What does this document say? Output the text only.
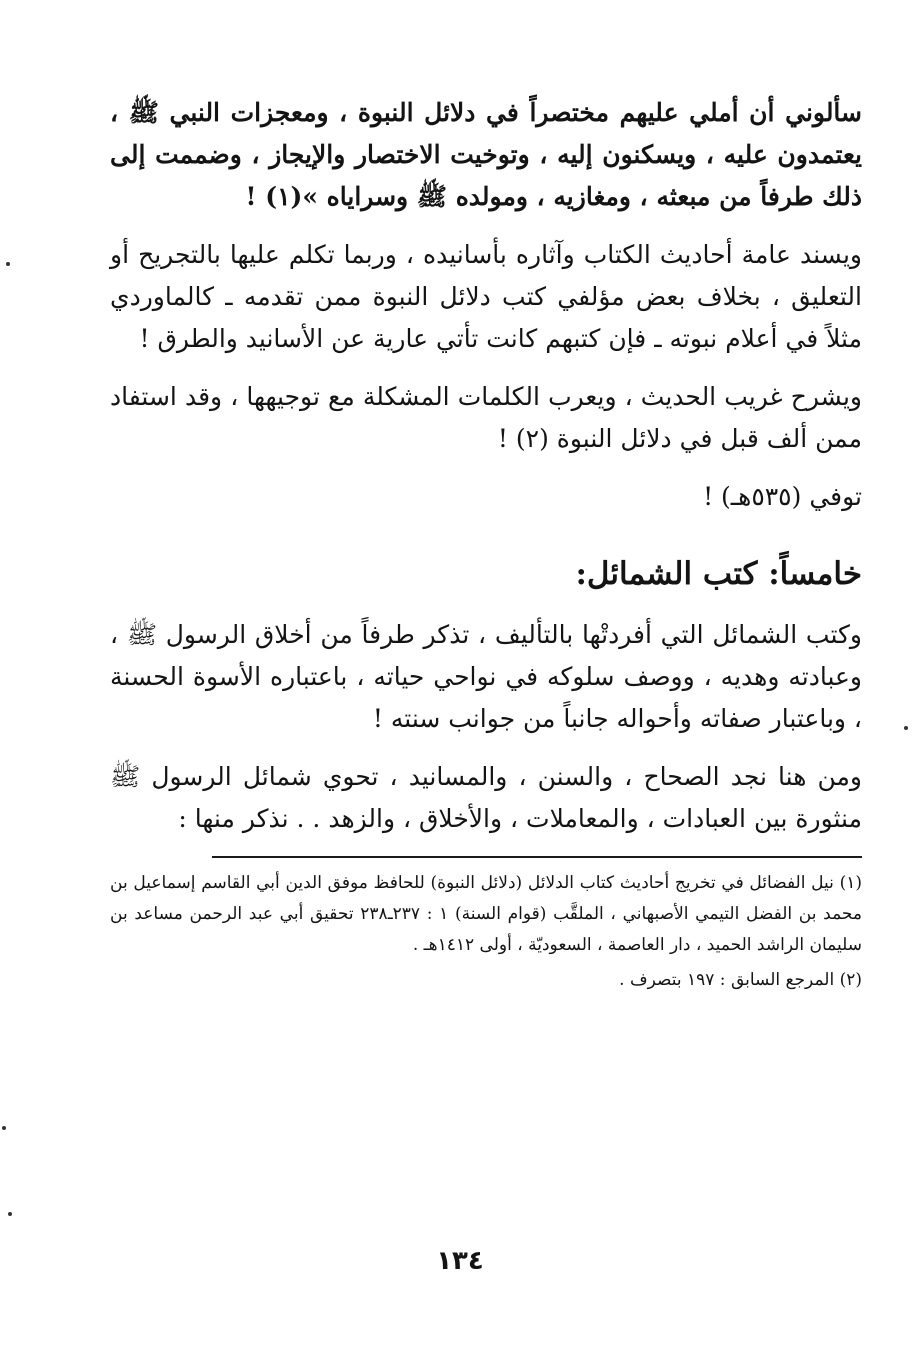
سألوني أن أملي عليهم مختصراً في دلائل النبوة ، ومعجزات النبي ﷺ ، يعتمدون عليه ، ويسكنون إليه ، وتوخيت الاختصار والإيجاز ، وضممت إلى ذلك طرفاً من مبعثه ، ومغازيه ، ومولده ﷺ وسراياه »(١) !

ويسند عامة أحاديث الكتاب وآثاره بأسانيده ، وربما تكلم عليها بالتجريح أو التعليق ، بخلاف بعض مؤلفي كتب دلائل النبوة ممن تقدمه ـ كالماوردي مثلاً في أعلام نبوته ـ فإن كتبهم كانت تأتي عارية عن الأسانيد والطرق !

ويشرح غريب الحديث ، ويعرب الكلمات المشكلة مع توجيهها ، وقد استفاد ممن ألف قبل في دلائل النبوة (٢) !

توفي (٥٣٥هـ) !

خامساً: كتب الشمائل:

وكتب الشمائل التي أفردتْها بالتأليف ، تذكر طرفاً من أخلاق الرسول ﷺ ، وعبادته وهديه ، ووصف سلوكه في نواحي حياته ، باعتباره الأسوة الحسنة ، وباعتبار صفاته وأحواله جانباً من جوانب سنته !

ومن هنا نجد الصحاح ، والسنن ، والمسانيد ، تحوي شمائل الرسول ﷺ منثورة بين العبادات ، والمعاملات ، والأخلاق ، والزهد . . نذكر منها :

(١) نيل الفضائل في تخريج أحاديث كتاب الدلائل (دلائل النبوة) للحافظ موفق الدين أبي القاسم إسماعيل بن محمد بن الفضل التيمي الأصبهاني ، الملقَّب (قوام السنة) ١ : ٢٣٧ـ٢٣٨ تحقيق أبي عبد الرحمن مساعد بن سليمان الراشد الحميد ، دار العاصمة ، السعوديّة ، أولى ١٤١٢هـ .

(٢) المرجع السابق : ١٩٧ بتصرف .

١٣٤
